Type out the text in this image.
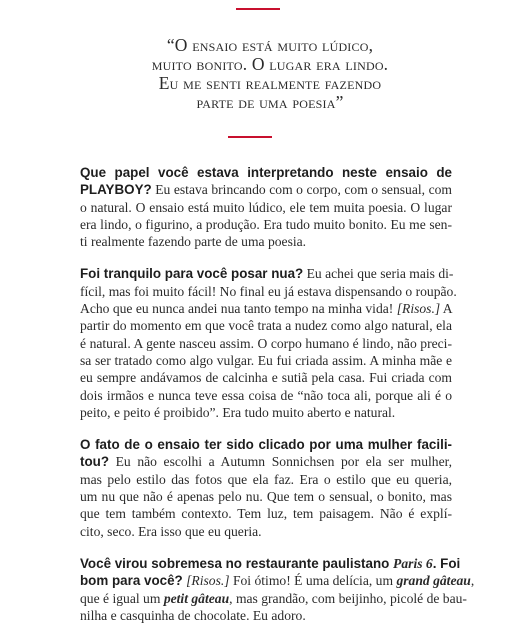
“O ensaio está muito lúdico,
muito bonito. O lugar era lindo.
Eu me senti realmente fazendo
parte de uma poesia”

Que papel você estava interpretando neste ensaio de
PLAYBOY? Eu estava brincando com o corpo, com o sensual, com
o natural. O ensaio está muito lúdico, ele tem muita poesia. O lugar
era lindo, o figurino, a produção. Era tudo muito bonito. Eu me sen-
ti realmente fazendo parte de uma poesia.

Foi tranquilo para você posar nua? Eu achei que seria mais di-
fícil, mas foi muito fácil! No final eu já estava dispensando o roupão.
Acho que eu nunca andei nua tanto tempo na minha vida! [Risos.] A
partir do momento em que você trata a nudez como algo natural, ela
é natural. A gente nasceu assim. O corpo humano é lindo, não preci-
sa ser tratado como algo vulgar. Eu fui criada assim. A minha mãe e
eu sempre andávamos de calcinha e sutiã pela casa. Fui criada com
dois irmãos e nunca teve essa coisa de “não toca ali, porque ali é o
peito, e peito é proibido”. Era tudo muito aberto e natural.

O fato de o ensaio ter sido clicado por uma mulher facili-
tou? Eu não escolhi a Autumn Sonnichsen por ela ser mulher,
mas pelo estilo das fotos que ela faz. Era o estilo que eu queria,
um nu que não é apenas pelo nu. Que tem o sensual, o bonito, mas
que tem também contexto. Tem luz, tem paisagem. Não é explí-
cito, seco. Era isso que eu queria.

Você virou sobremesa no restaurante paulistano Paris 6. Foi
bom para você? [Risos.] Foi ótimo! É uma delícia, um grand gâteau,
que é igual um petit gâteau, mas grandão, com beijinho, picolé de bau-
nilha e casquinha de chocolate. Eu adoro.
